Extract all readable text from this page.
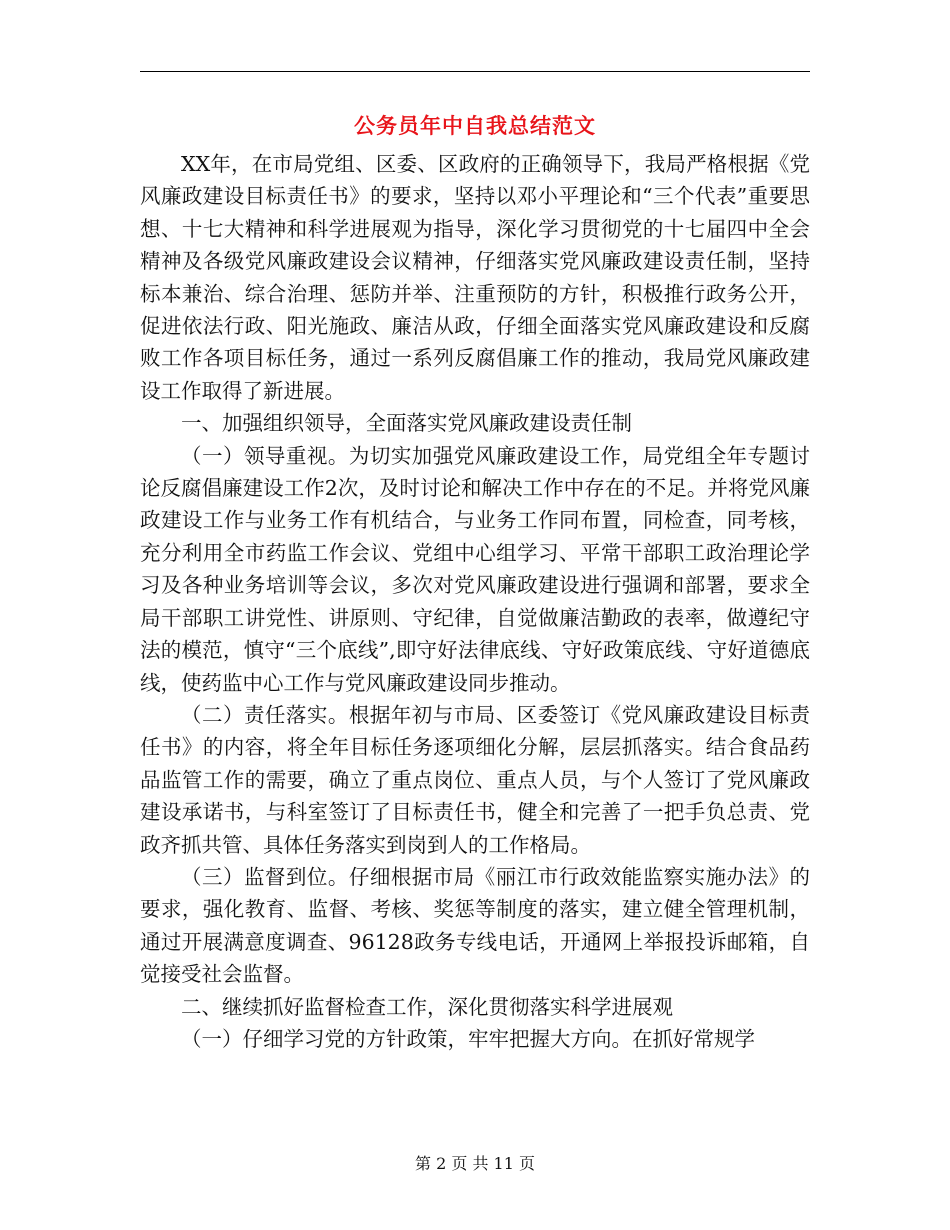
公务员年中自我总结范文

XX年，在市局党组、区委、区政府的正确领导下，我局严格根据《党风廉政建设目标责任书》的要求，坚持以邓小平理论和“三个代表”重要思想、十七大精神和科学进展观为指导，深化学习贯彻党的十七届四中全会精神及各级党风廉政建设会议精神，仔细落实党风廉政建设责任制，坚持标本兼治、综合治理、惩防并举、注重预防的方针，积极推行政务公开，促进依法行政、阳光施政、廉洁从政，仔细全面落实党风廉政建设和反腐败工作各项目标任务，通过一系列反腐倡廉工作的推动，我局党风廉政建设工作取得了新进展。

一、加强组织领导，全面落实党风廉政建设责任制

（一）领导重视。为切实加强党风廉政建设工作，局党组全年专题讨论反腐倡廉建设工作2次，及时讨论和解决工作中存在的不足。并将党风廉政建设工作与业务工作有机结合，与业务工作同布置，同检查，同考核，充分利用全市药监工作会议、党组中心组学习、平常干部职工政治理论学习及各种业务培训等会议，多次对党风廉政建设进行强调和部署，要求全局干部职工讲党性、讲原则、守纪律，自觉做廉洁勤政的表率，做遵纪守法的模范，慎守“三个底线”,即守好法律底线、守好政策底线、守好道德底线，使药监中心工作与党风廉政建设同步推动。

（二）责任落实。根据年初与市局、区委签订《党风廉政建设目标责任书》的内容，将全年目标任务逐项细化分解，层层抓落实。结合食品药品监管工作的需要，确立了重点岗位、重点人员，与个人签订了党风廉政建设承诺书，与科室签订了目标责任书，健全和完善了一把手负总责、党政齐抓共管、具体任务落实到岗到人的工作格局。

（三）监督到位。仔细根据市局《丽江市行政效能监察实施办法》的要求，强化教育、监督、考核、奖惩等制度的落实，建立健全管理机制，通过开展满意度调查、96128政务专线电话，开通网上举报投诉邮箱，自觉接受社会监督。

二、继续抓好监督检查工作，深化贯彻落实科学进展观

（一）仔细学习党的方针政策，牢牢把握大方向。在抓好常规学

第 2 页 共 11 页
